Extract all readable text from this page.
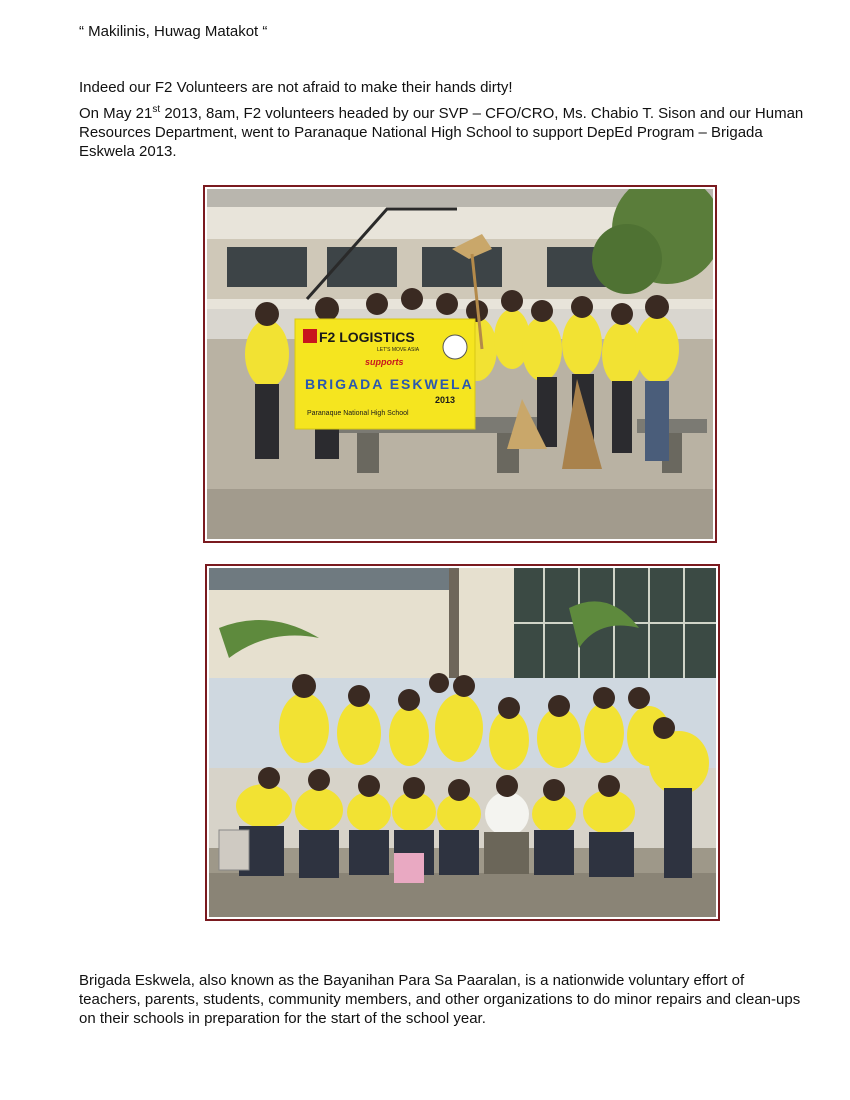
“ Makilinis, Huwag Matakot “

Indeed our F2 Volunteers are not afraid to make their hands dirty!

On May 21st 2013, 8am, F2 volunteers headed by our SVP – CFO/CRO, Ms. Chabio T. Sison and our Human Resources Department, went to Paranaque National High School to support DepEd Program – Brigada Eskwela 2013.

F2 LOGISTICS
LET'S MOVE ASIA
supports
BRIGADA ESKWELA
2013
Paranaque National High School

Brigada Eskwela, also known as the Bayanihan Para Sa Paaralan, is a nationwide voluntary effort of teachers, parents, students, community members, and other organizations to do minor repairs and clean-ups on their schools in preparation for the start of the school year.
